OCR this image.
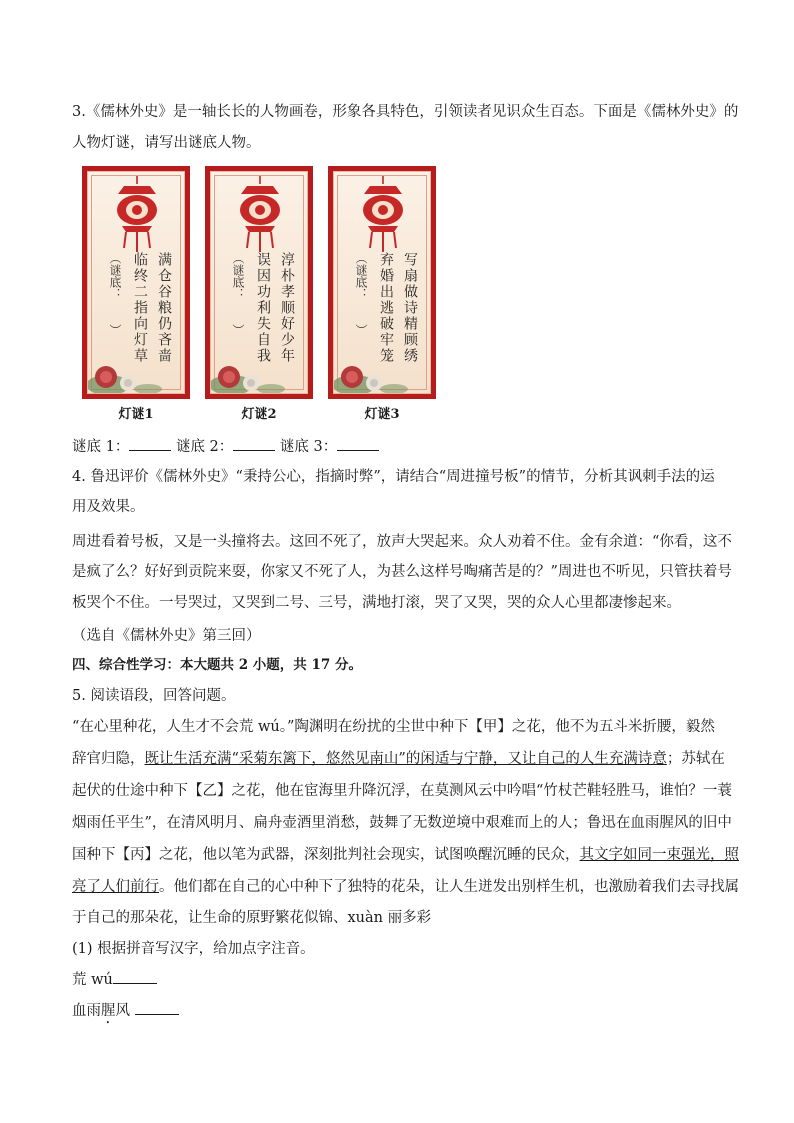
3.《儒林外史》是一轴长长的人物画卷，形象各具特色，引领读者见识众生百态。下面是《儒林外史》的
人物灯谜，请写出谜底人物。
满仓谷粮仍吝啬
临终二指向灯草
（谜底：　　）	淳朴孝顺好少年
误因功利失自我
（谜底：　　）	写扇做诗精顾绣
弃婚出逃破牢笼
（谜底：　　）
灯谜1	灯谜2	灯谜3
谜底 1：	谜底 2：	谜底 3：
4. 鲁迅评价《儒林外史》“秉持公心，指摘时弊”，请结合“周进撞号板”的情节，分析其讽刺手法的运
用及效果。
周进看着号板，又是一头撞将去。这回不死了，放声大哭起来。众人劝着不住。金有余道：“你看，这不
是疯了么？好好到贡院来耍，你家又不死了人，为甚么这样号啕痛苦是的？”周进也不听见，只管扶着号
板哭个不住。一号哭过，又哭到二号、三号，满地打滚，哭了又哭，哭的众人心里都凄惨起来。
（选自《儒林外史》第三回）
四、综合性学习：本大题共 2 小题，共 17 分。
5. 阅读语段，回答问题。
“在心里种花，人生才不会荒 wú。”陶渊明在纷扰的尘世中种下【甲】之花，他不为五斗米折腰，毅然
辞官归隐，既让生活充满“采菊东篱下，悠然见南山”的闲适与宁静，又让自己的人生充满诗意；苏轼在
起伏的仕途中种下【乙】之花，他在宦海里升降沉浮，在莫测风云中吟唱“竹杖芒鞋轻胜马，谁怕？一蓑
烟雨任平生”，在清风明月、扁舟壶酒里消愁，鼓舞了无数逆境中艰难而上的人；鲁迅在血雨腥风的旧中
国种下【丙】之花，他以笔为武器，深刻批判社会现实，试图唤醒沉睡的民众，其文字如同一束强光，照
亮了人们前行。他们都在自己的心中种下了独特的花朵，让人生迸发出别样生机，也激励着我们去寻找属
于自己的那朵花，让生命的原野繁花似锦、xuàn 丽多彩
(1) 根据拼音写汉字，给加点字注音。
荒 wú
血雨腥风
